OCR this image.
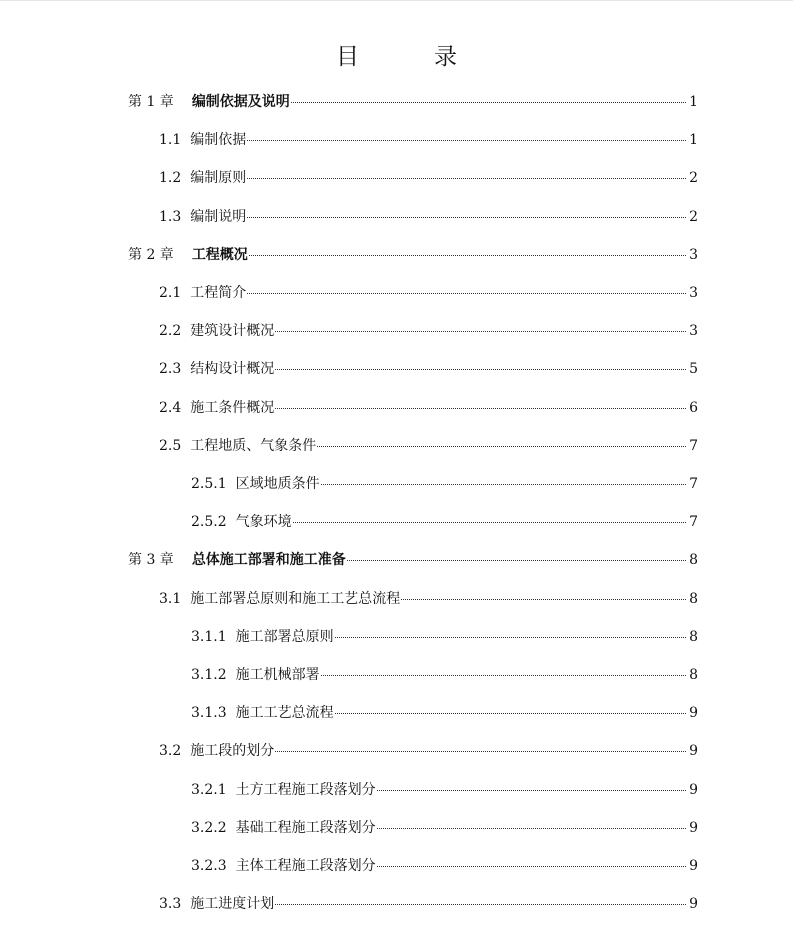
目　录
第 1 章 编制依据及说明	1
1.1 编制依据	1
1.2 编制原则	2
1.3 编制说明	2
第 2 章 工程概况	3
2.1 工程简介	3
2.2 建筑设计概况	3
2.3 结构设计概况	5
2.4 施工条件概况	6
2.5 工程地质、气象条件	7
2.5.1 区域地质条件	7
2.5.2 气象环境	7
第 3 章 总体施工部署和施工准备	8
3.1 施工部署总原则和施工工艺总流程	8
3.1.1 施工部署总原则	8
3.1.2 施工机械部署	8
3.1.3 施工工艺总流程	9
3.2 施工段的划分	9
3.2.1 土方工程施工段落划分	9
3.2.2 基础工程施工段落划分	9
3.2.3 主体工程施工段落划分	9
3.3 施工进度计划	9
